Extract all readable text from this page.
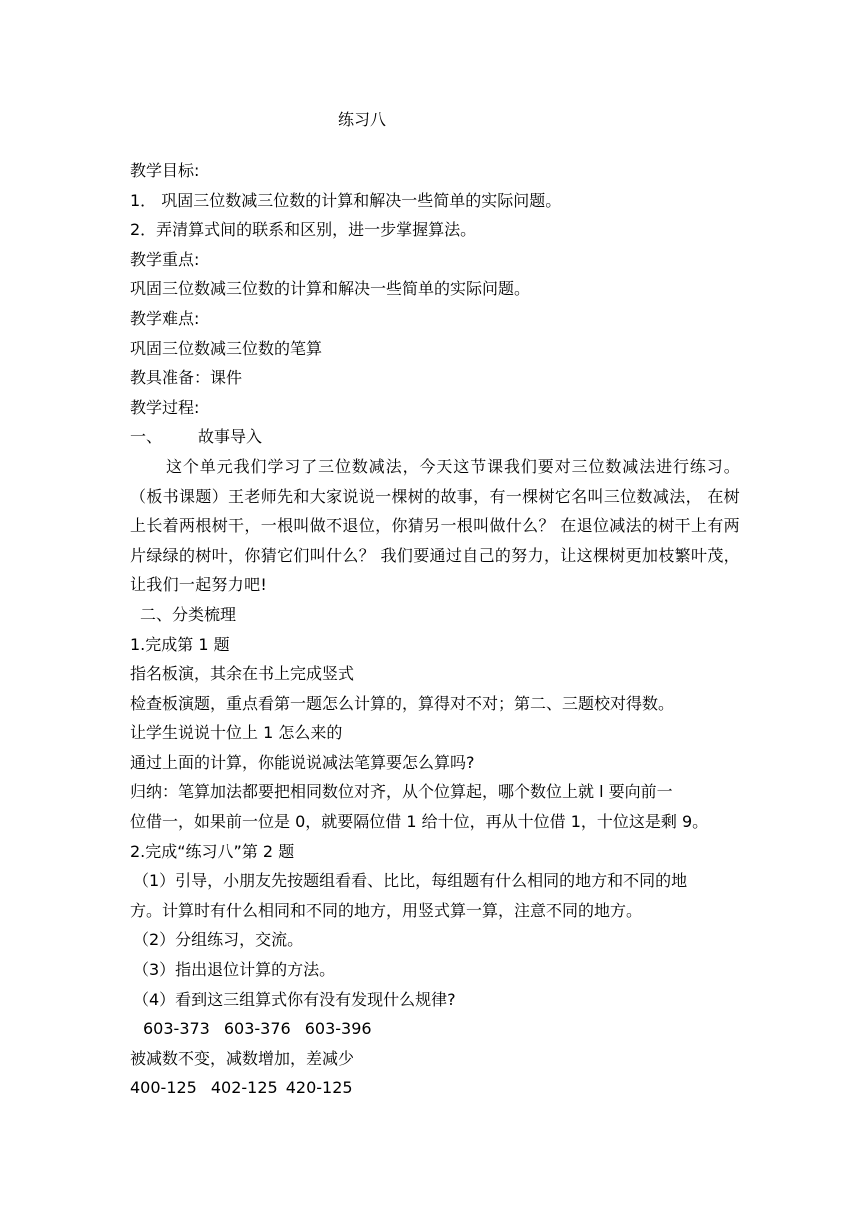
练习八
教学目标:
1． 巩固三位数减三位数的计算和解决一些简单的实际问题。
2．弄清算式间的联系和区别，进一步掌握算法。
教学重点:
巩固三位数减三位数的计算和解决一些简单的实际问题。
教学难点:
巩固三位数减三位数的笔算
教具准备：课件
教学过程:
一、 故事导入
这个单元我们学习了三位数减法，今天这节课我们要对三位数减法进行练习。（板书课题）王老师先和大家说说一棵树的故事，有一棵树它名叫三位数减法， 在树上长着两根树干，一根叫做不退位，你猜另一根叫做什么？ 在退位减法的树干上有两片绿绿的树叶，你猜它们叫什么？ 我们要通过自己的努力，让这棵树更加枝繁叶茂，让我们一起努力吧!
二、分类梳理
1.完成第 1 题
指名板演，其余在书上完成竖式
检查板演题，重点看第一题怎么计算的，算得对不对；第二、三题校对得数。
让学生说说十位上 1 怎么来的
通过上面的计算，你能说说减法笔算要怎么算吗?
归纳：笔算加法都要把相同数位对齐，从个位算起，哪个数位上就 l 要向前一
位借一，如果前一位是 0，就要隔位借 1 给十位，再从十位借 1，十位这是剩 9。
2.完成“练习八”第 2 题
（1）引导，小朋友先按题组看看、比比，每组题有什么相同的地方和不同的地
方。计算时有什么相同和不同的地方，用竖式算一算，注意不同的地方。
（2）分组练习，交流。
（3）指出退位计算的方法。
（4）看到这三组算式你有没有发现什么规律?
603-373 603-376 603-396
被减数不变，减数增加，差减少
400-125 402-125 420-125
